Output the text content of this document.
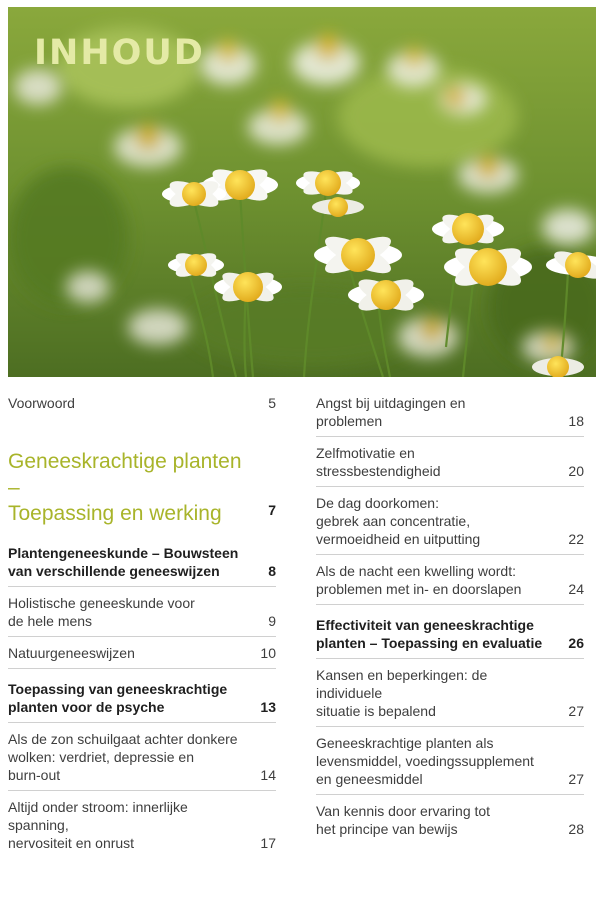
INHOUD
Voorwoord	5
Geneeskrachtige planten –
Toepassing en werking	7
Plantengeneeskunde – Bouwsteen
van verschillende geneeswijzen	8
Holistische geneeskunde voor
de hele mens	9
Natuurgeneeswijzen	10
Toepassing van geneeskrachtige
planten voor de psyche	13
Als de zon schuilgaat achter donkere
wolken: verdriet, depressie en
burn-out	14
Altijd onder stroom: innerlijke spanning,
nervositeit en onrust	17
Angst bij uitdagingen en
problemen	18
Zelfmotivatie en
stressbestendigheid	20
De dag doorkomen:
gebrek aan concentratie,
vermoeidheid en uitputting	22
Als de nacht een kwelling wordt:
problemen met in- en doorslapen	24
Effectiviteit van geneeskrachtige
planten – Toepassing en evaluatie	26
Kansen en beperkingen: de individuele
situatie is bepalend	27
Geneeskrachtige planten als
levensmiddel, voedingssupplement
en geneesmiddel	27
Van kennis door ervaring tot
het principe van bewijs	28
